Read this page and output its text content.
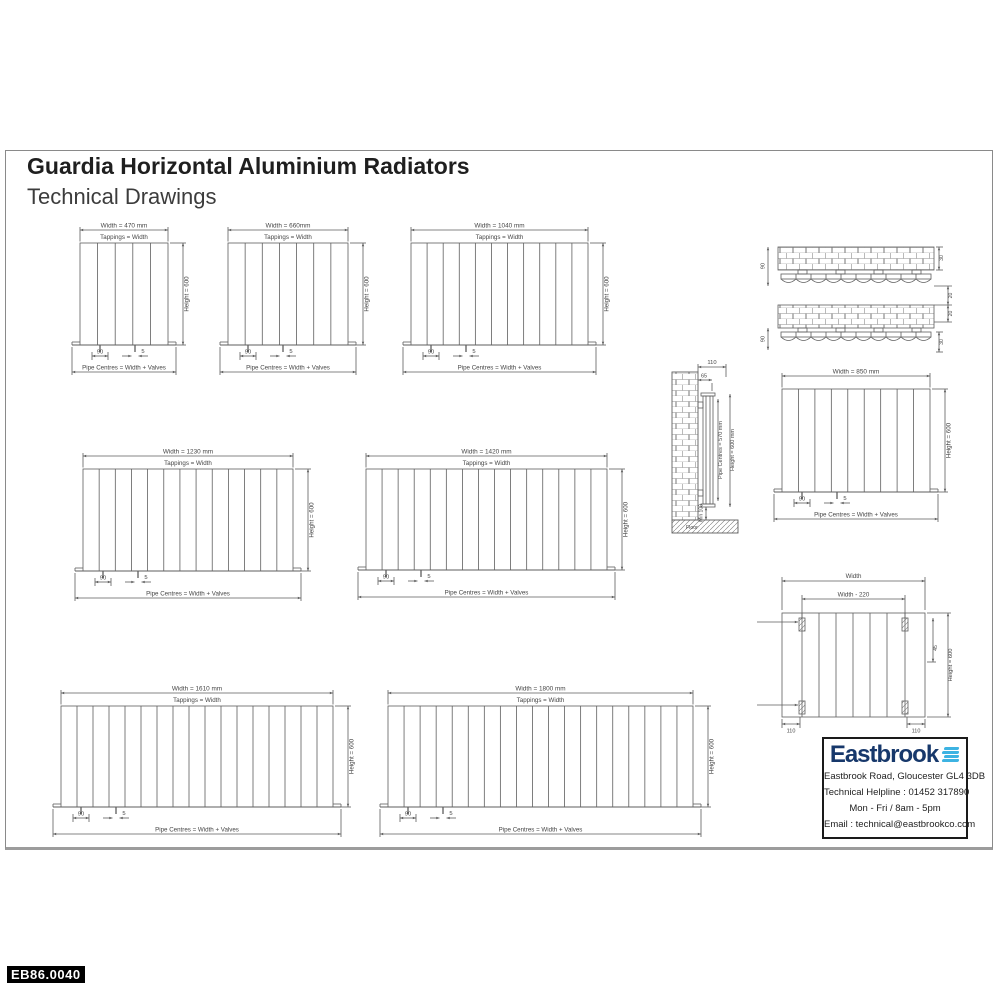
Guardia Horizontal Aluminium Radiators
Technical Drawings
Width = 470 mm
Tappings = Width
Height = 600
90	5
Pipe Centres = Width + Valves
Width = 660mm
Tappings = Width
Height = 600
90	5
Pipe Centres = Width + Valves
Width = 1040 mm
Tappings = Width
Height = 600
90	5
Pipe Centres = Width + Valves
Width = 1230 mm
Tappings = Width
Height = 600
90	5
Pipe Centres = Width + Valves
Width = 1420 mm
Tappings = Width
Height = 600
90	5
Pipe Centres = Width + Valves
Width = 1610 mm
Tappings = Width
Height = 600
90	5
Pipe Centres = Width + Valves
Width = 1800 mm
Tappings = Width
Height = 600
90	5
Pipe Centres = Width + Valves
Width = 850 mm
Height = 600
90	5
Pipe Centres = Width + Valves
90
90
30
30
20
20
Floor
110
65
Pipe Centres = 570 mm Height = 600 mm
Min 100
Width
Width - 220
45
Height = 600
110	110
Eastbrook
Eastbrook Road, Gloucester GL4 3DB
Technical Helpline : 01452 317890
Mon - Fri / 8am - 5pm
Email : technical@eastbrookco.com
EB86.0040
